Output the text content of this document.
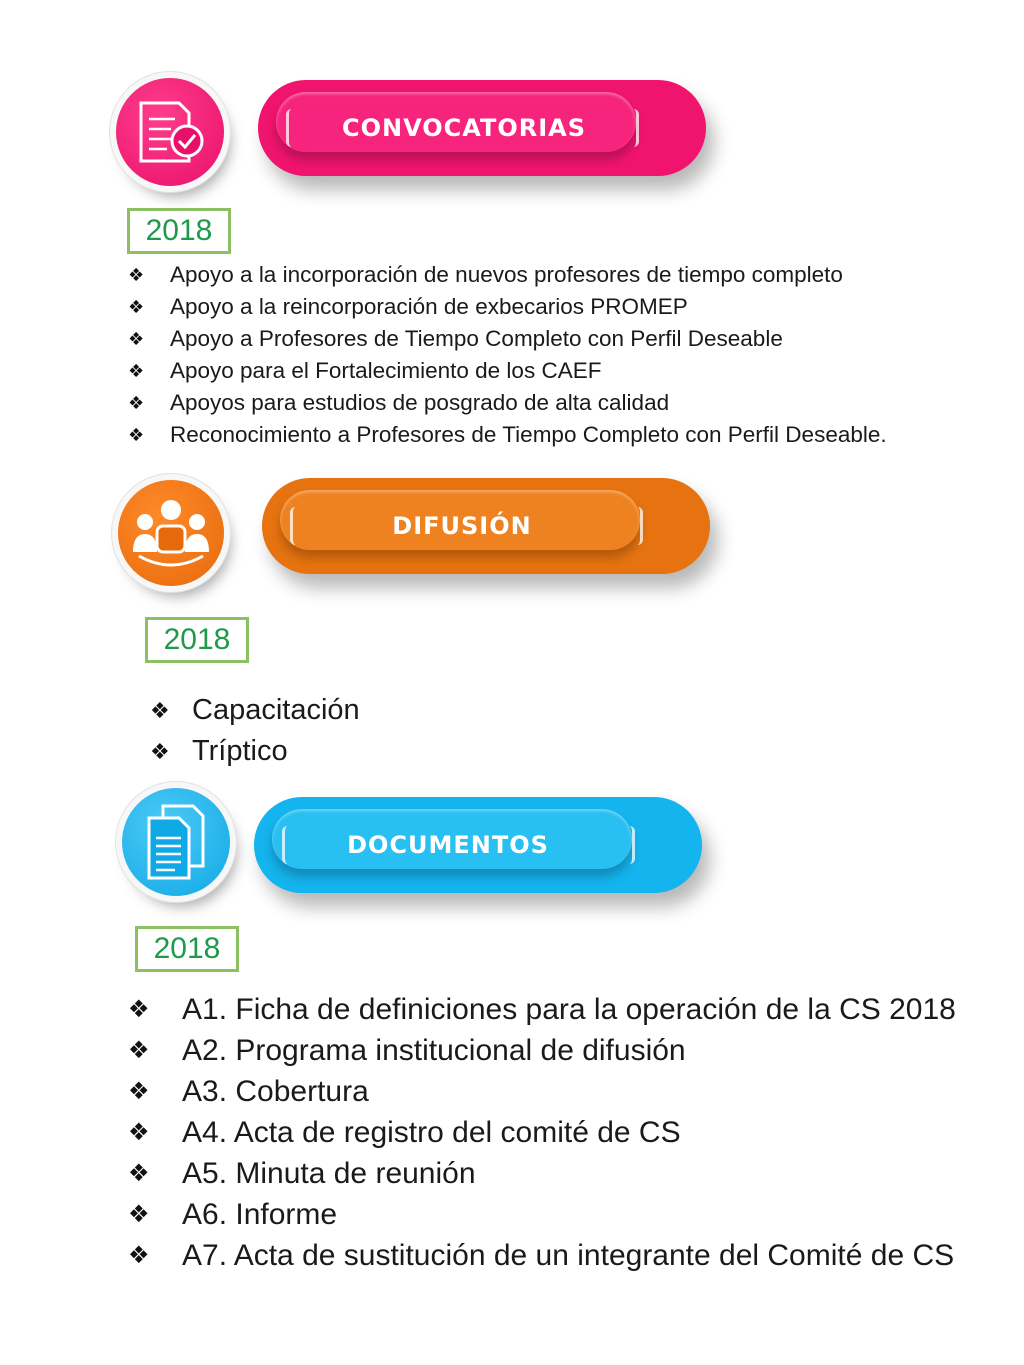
CONVOCATORIAS
2018
❖	Apoyo a la incorporación de nuevos profesores de tiempo completo
❖	Apoyo a la reincorporación de exbecarios PROMEP
❖	Apoyo a Profesores de Tiempo Completo con Perfil Deseable
❖	Apoyo para el Fortalecimiento de los CAEF
❖	Apoyos para estudios de posgrado de alta calidad
❖	Reconocimiento a Profesores de Tiempo Completo con Perfil Deseable.
DIFUSIÓN
2018
❖ Capacitación
❖ Tríptico
DOCUMENTOS
2018
❖	A1. Ficha de definiciones para la operación de la CS 2018
❖	A2. Programa institucional de difusión
❖	A3. Cobertura
❖	A4. Acta de registro del comité de CS
❖	A5. Minuta de reunión
❖	A6. Informe
❖	A7. Acta de sustitución de un integrante del Comité de CS
